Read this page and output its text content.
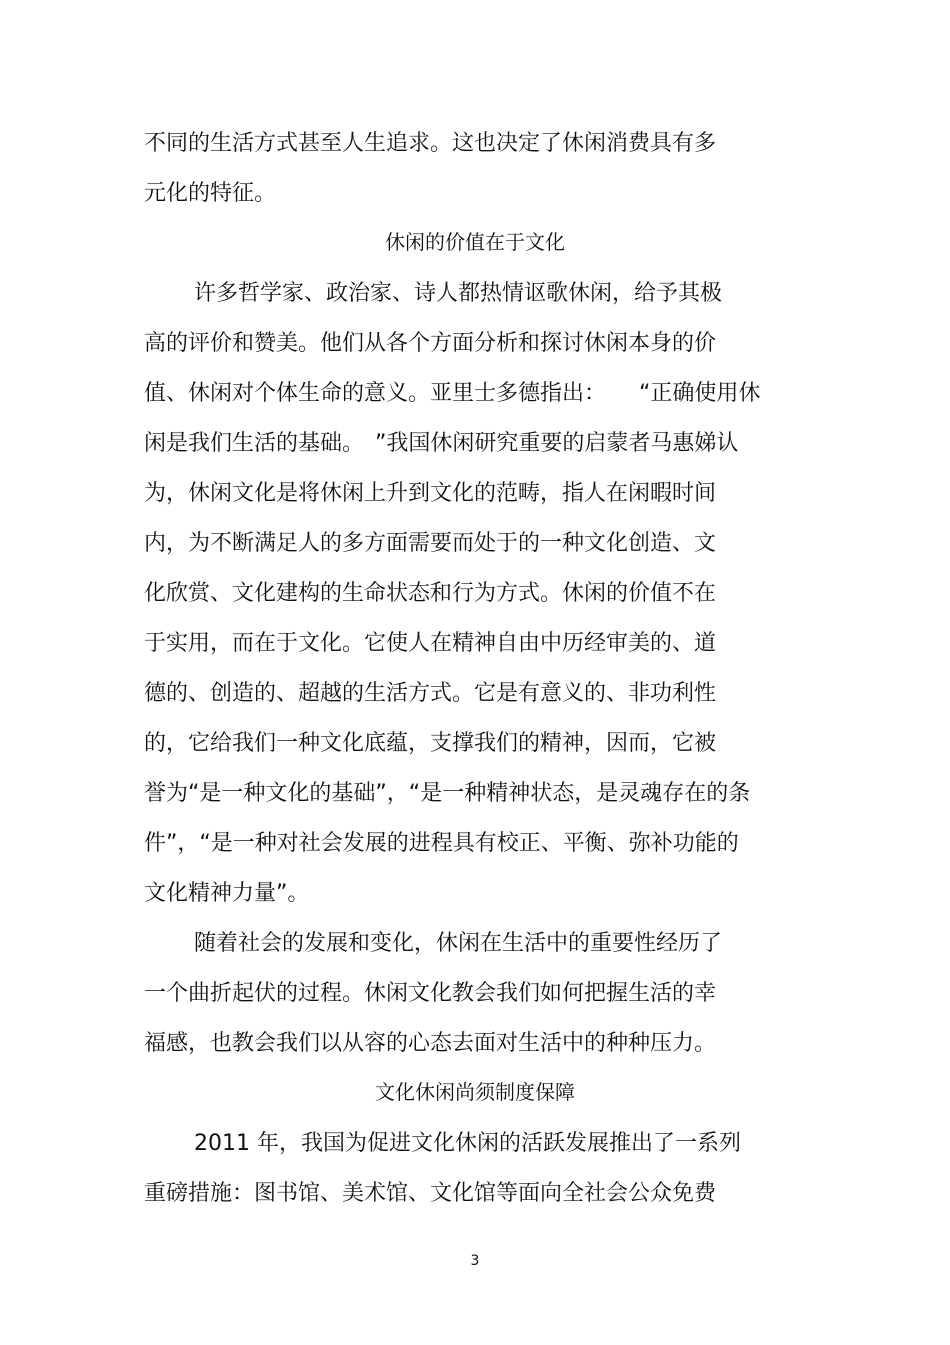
不同的生活方式甚至人生追求。这也决定了休闲消费具有多
元化的特征。
休闲的价值在于文化
许多哲学家、政治家、诗人都热情讴歌休闲，给予其极
高的评价和赞美。他们从各个方面分析和探讨休闲本身的价
值、休闲对个体生命的意义。亚里士多德指出：　　“正确使用休
闲是我们生活的基础。　”我国休闲研究重要的启蒙者马惠娣认
为，休闲文化是将休闲上升到文化的范畴，指人在闲暇时间
内，为不断满足人的多方面需要而处于的一种文化创造、文
化欣赏、文化建构的生命状态和行为方式。休闲的价值不在
于实用，而在于文化。它使人在精神自由中历经审美的、道
德的、创造的、超越的生活方式。它是有意义的、非功利性
的，它给我们一种文化底蕴，支撑我们的精神，因而，它被
誉为“是一种文化的基础”，“是一种精神状态，是灵魂存在的条
件”，“是一种对社会发展的进程具有校正、平衡、弥补功能的
文化精神力量”。
随着社会的发展和变化，休闲在生活中的重要性经历了
一个曲折起伏的过程。休闲文化教会我们如何把握生活的幸
福感，也教会我们以从容的心态去面对生活中的种种压力。
文化休闲尚须制度保障
2011 年，我国为促进文化休闲的活跃发展推出了一系列
重磅措施：图书馆、美术馆、文化馆等面向全社会公众免费
3
